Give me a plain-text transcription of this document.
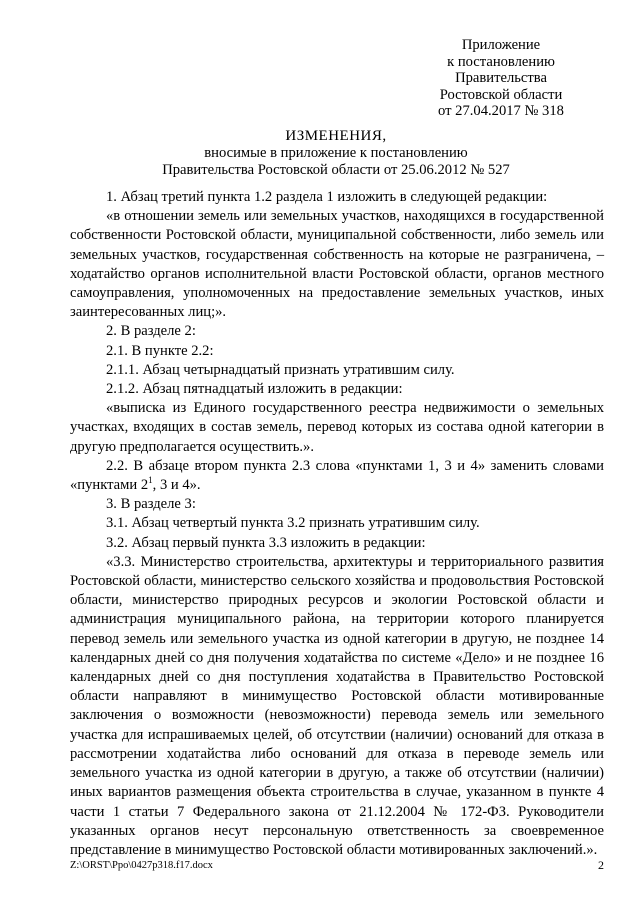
Приложение
к постановлению
Правительства
Ростовской области
от 27.04.2017 № 318
ИЗМЕНЕНИЯ,
вносимые в приложение к постановлению
Правительства Ростовской области от 25.06.2012 № 527

1. Абзац третий пункта 1.2 раздела 1 изложить в следующей редакции:

«в отношении земель или земельных участков, находящихся в государственной собственности Ростовской области, муниципальной собственности, либо земель или земельных участков, государственная собственность на которые не разграничена, – ходатайство органов исполнительной власти Ростовской области, органов местного самоуправления, уполномоченных на предоставление земельных участков, иных заинтересованных лиц;».

2. В разделе 2:

2.1. В пункте 2.2:

2.1.1. Абзац четырнадцатый признать утратившим силу.

2.1.2. Абзац пятнадцатый изложить в редакции:

«выписка из Единого государственного реестра недвижимости о земельных участках, входящих в состав земель, перевод которых из состава одной категории в другую предполагается осуществить.».

2.2. В абзаце втором пункта 2.3 слова «пунктами 1, 3 и 4» заменить словами «пунктами $2^1$, 3 и 4».

3. В разделе 3:

3.1. Абзац четвертый пункта 3.2 признать утратившим силу.

3.2. Абзац первый пункта 3.3 изложить в редакции:

«3.3. Министерство строительства, архитектуры и территориального развития Ростовской области, министерство сельского хозяйства и продовольствия Ростовской области, министерство природных ресурсов и экологии Ростовской области и администрация муниципального района, на территории которого планируется перевод земель или земельного участка из одной категории в другую, не позднее 14 календарных дней со дня получения ходатайства по системе «Дело» и не позднее 16 календарных дней со дня поступления ходатайства в Правительство Ростовской области направляют в минимущество Ростовской области мотивированные заключения о возможности (невозможности) перевода земель или земельного участка для испрашиваемых целей, об отсутствии (наличии) оснований для отказа в рассмотрении ходатайства либо оснований для отказа в переводе земель или земельного участка из одной категории в другую, а также об отсутствии (наличии) иных вариантов размещения объекта строительства в случае, указанном в пункте 4 части 1 статьи 7 Федерального закона от 21.12.2004 № 172-ФЗ. Руководители указанных органов несут персональную ответственность за своевременное представление в минимущество Ростовской области мотивированных заключений.».

Z:\ORST\Ppo\0427p318.f17.docx	2
